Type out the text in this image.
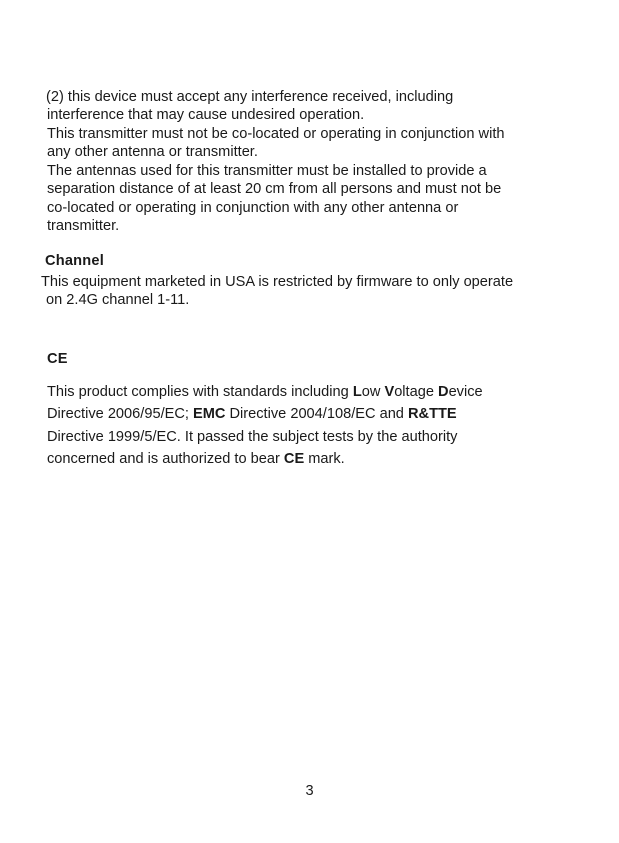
(2) this device must accept any interference received, including
interference that may cause undesired operation.
This transmitter must not be co-located or operating in conjunction with
any other antenna or transmitter.
The antennas used for this transmitter must be installed to provide a
separation distance of at least 20 cm from all persons and must not be
co-located or operating in conjunction with any other antenna or
transmitter.
Channel
This equipment marketed in USA is restricted by firmware to only operate
on 2.4G channel 1-11.
CE
This product complies with standards including Low Voltage Device
Directive 2006/95/EC; EMC Directive 2004/108/EC and R&TTE
Directive 1999/5/EC. It passed the subject tests by the authority
concerned and is authorized to bear CE mark.
3
